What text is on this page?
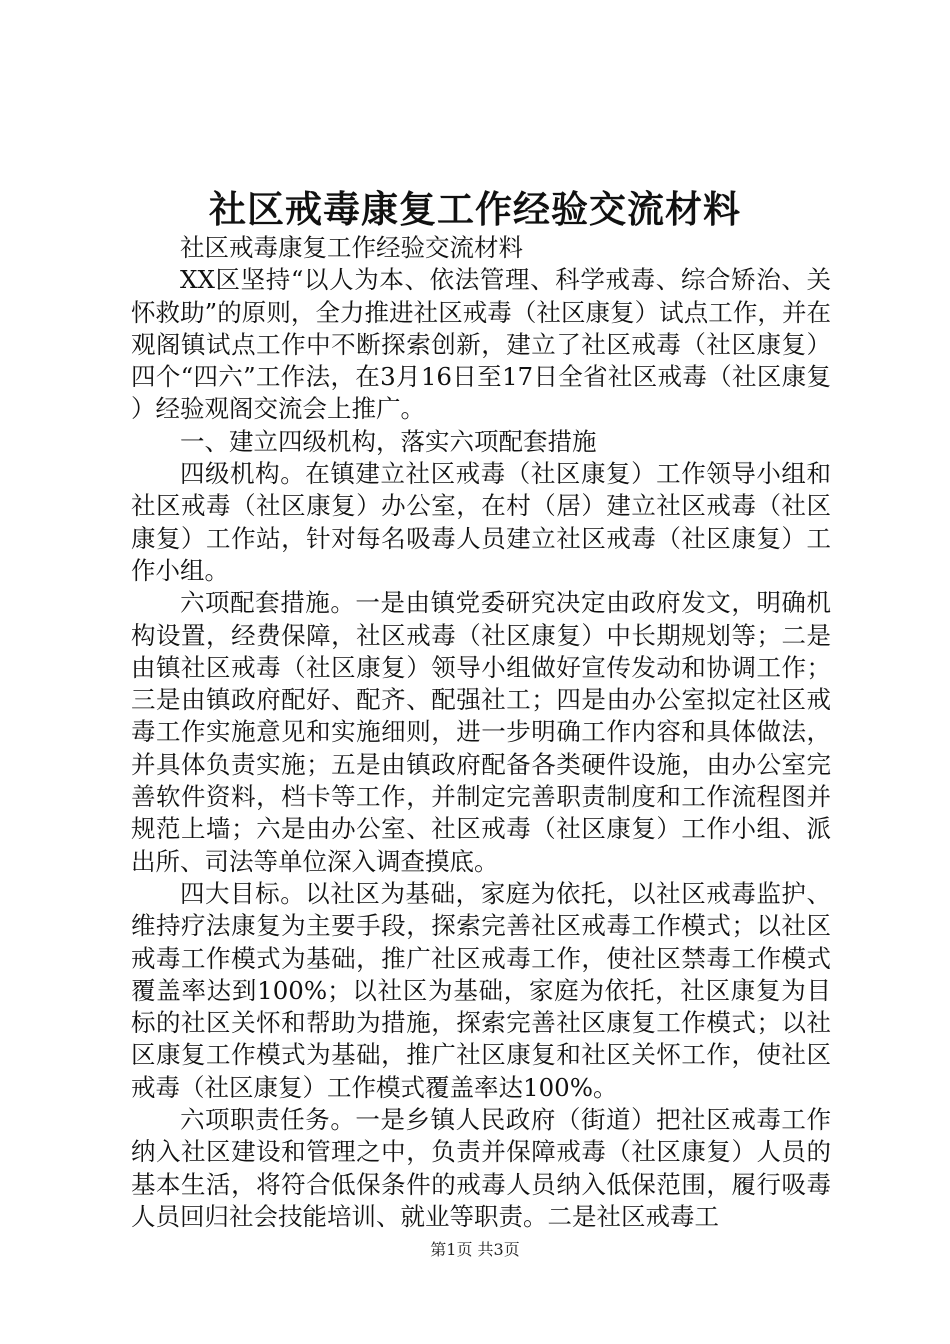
社区戒毒康复工作经验交流材料

社区戒毒康复工作经验交流材料

XX区坚持“以人为本、依法管理、科学戒毒、综合矫治、关怀救助”的原则，全力推进社区戒毒（社区康复）试点工作，并在观阁镇试点工作中不断探索创新，建立了社区戒毒（社区康复）四个“四六”工作法，在3月16日至17日全省社区戒毒（社区康复）经验观阁交流会上推广。

一、建立四级机构，落实六项配套措施

四级机构。在镇建立社区戒毒（社区康复）工作领导小组和社区戒毒（社区康复）办公室，在村（居）建立社区戒毒（社区康复）工作站，针对每名吸毒人员建立社区戒毒（社区康复）工作小组。

六项配套措施。一是由镇党委研究决定由政府发文，明确机构设置，经费保障，社区戒毒（社区康复）中长期规划等；二是由镇社区戒毒（社区康复）领导小组做好宣传发动和协调工作；三是由镇政府配好、配齐、配强社工；四是由办公室拟定社区戒毒工作实施意见和实施细则，进一步明确工作内容和具体做法，并具体负责实施；五是由镇政府配备各类硬件设施，由办公室完善软件资料，档卡等工作，并制定完善职责制度和工作流程图并规范上墙；六是由办公室、社区戒毒（社区康复）工作小组、派出所、司法等单位深入调查摸底。

四大目标。以社区为基础，家庭为依托，以社区戒毒监护、维持疗法康复为主要手段，探索完善社区戒毒工作模式；以社区戒毒工作模式为基础，推广社区戒毒工作，使社区禁毒工作模式覆盖率达到100%；以社区为基础，家庭为依托，社区康复为目标的社区关怀和帮助为措施，探索完善社区康复工作模式；以社区康复工作模式为基础，推广社区康复和社区关怀工作，使社区戒毒（社区康复）工作模式覆盖率达100%。

六项职责任务。一是乡镇人民政府（街道）把社区戒毒工作纳入社区建设和管理之中，负责并保障戒毒（社区康复）人员的基本生活，将符合低保条件的戒毒人员纳入低保范围，履行吸毒人员回归社会技能培训、就业等职责。二是社区戒毒工

第1页 共3页
